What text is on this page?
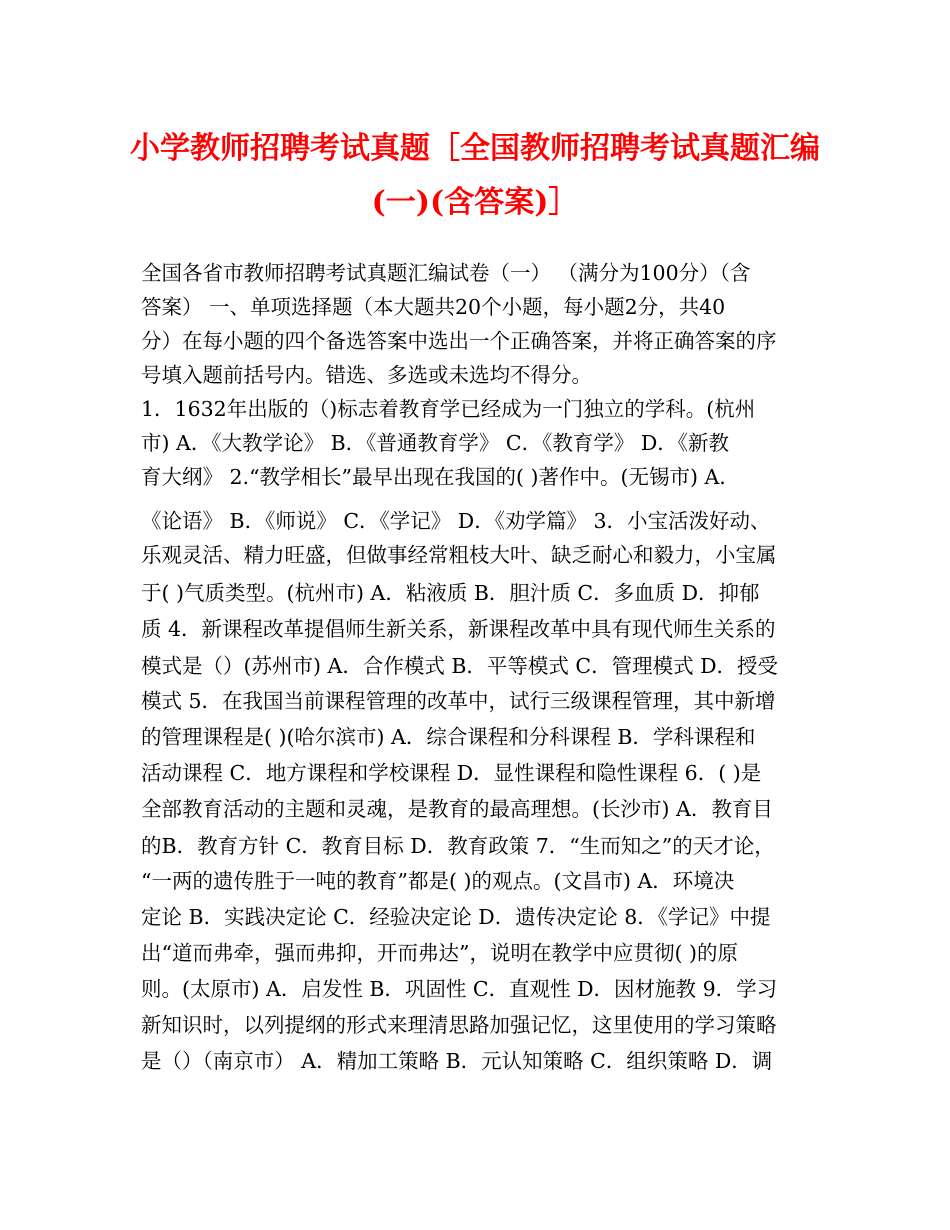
小学教师招聘考试真题［全国教师招聘考试真题汇编
(一)(含答案)］
全国各省市教师招聘考试真题汇编试卷（一） （满分为100分）（含
答案） 一、单项选择题（本大题共20个小题，每小题2分，共40
分）在每小题的四个备选答案中选出一个正确答案，并将正确答案的序
号填入题前括号内。错选、多选或未选均不得分。
1．1632年出版的（)标志着教育学已经成为一门独立的学科。(杭州
市) A．《大教学论》 B．《普通教育学》 C．《教育学》 D．《新教
育大纲》 2.“教学相长”最早出现在我国的( )著作中。(无锡市) A．
《论语》 B．《师说》 C．《学记》 D．《劝学篇》 3．小宝活泼好动、
乐观灵活、精力旺盛，但做事经常粗枝大叶、缺乏耐心和毅力，小宝属
于( )气质类型。(杭州市) A．粘液质 B．胆汁质 C．多血质 D．抑郁
质 4．新课程改革提倡师生新关系，新课程改革中具有现代师生关系的
模式是（）(苏州市) A．合作模式 B．平等模式 C．管理模式 D．授受
模式 5．在我国当前课程管理的改革中，试行三级课程管理，其中新增
的管理课程是( )(哈尔滨市) A．综合课程和分科课程 B．学科课程和
活动课程 C．地方课程和学校课程 D．显性课程和隐性课程 6．( )是
全部教育活动的主题和灵魂，是教育的最高理想。(长沙市) A．教育目
的B．教育方针 C．教育目标 D．教育政策 7．“生而知之”的天才论，
“一两的遗传胜于一吨的教育”都是( )的观点。(文昌市) A．环境决
定论 B．实践决定论 C．经验决定论 D．遗传决定论 8．《学记》中提
出“道而弗牵，强而弗抑，开而弗达”，说明在教学中应贯彻( )的原
则。(太原市) A．启发性 B．巩固性 C．直观性 D．因材施教 9．学习
新知识时，以列提纲的形式来理清思路加强记忆，这里使用的学习策略
是（）（南京市） A．精加工策略 B．元认知策略 C．组织策略 D．调
